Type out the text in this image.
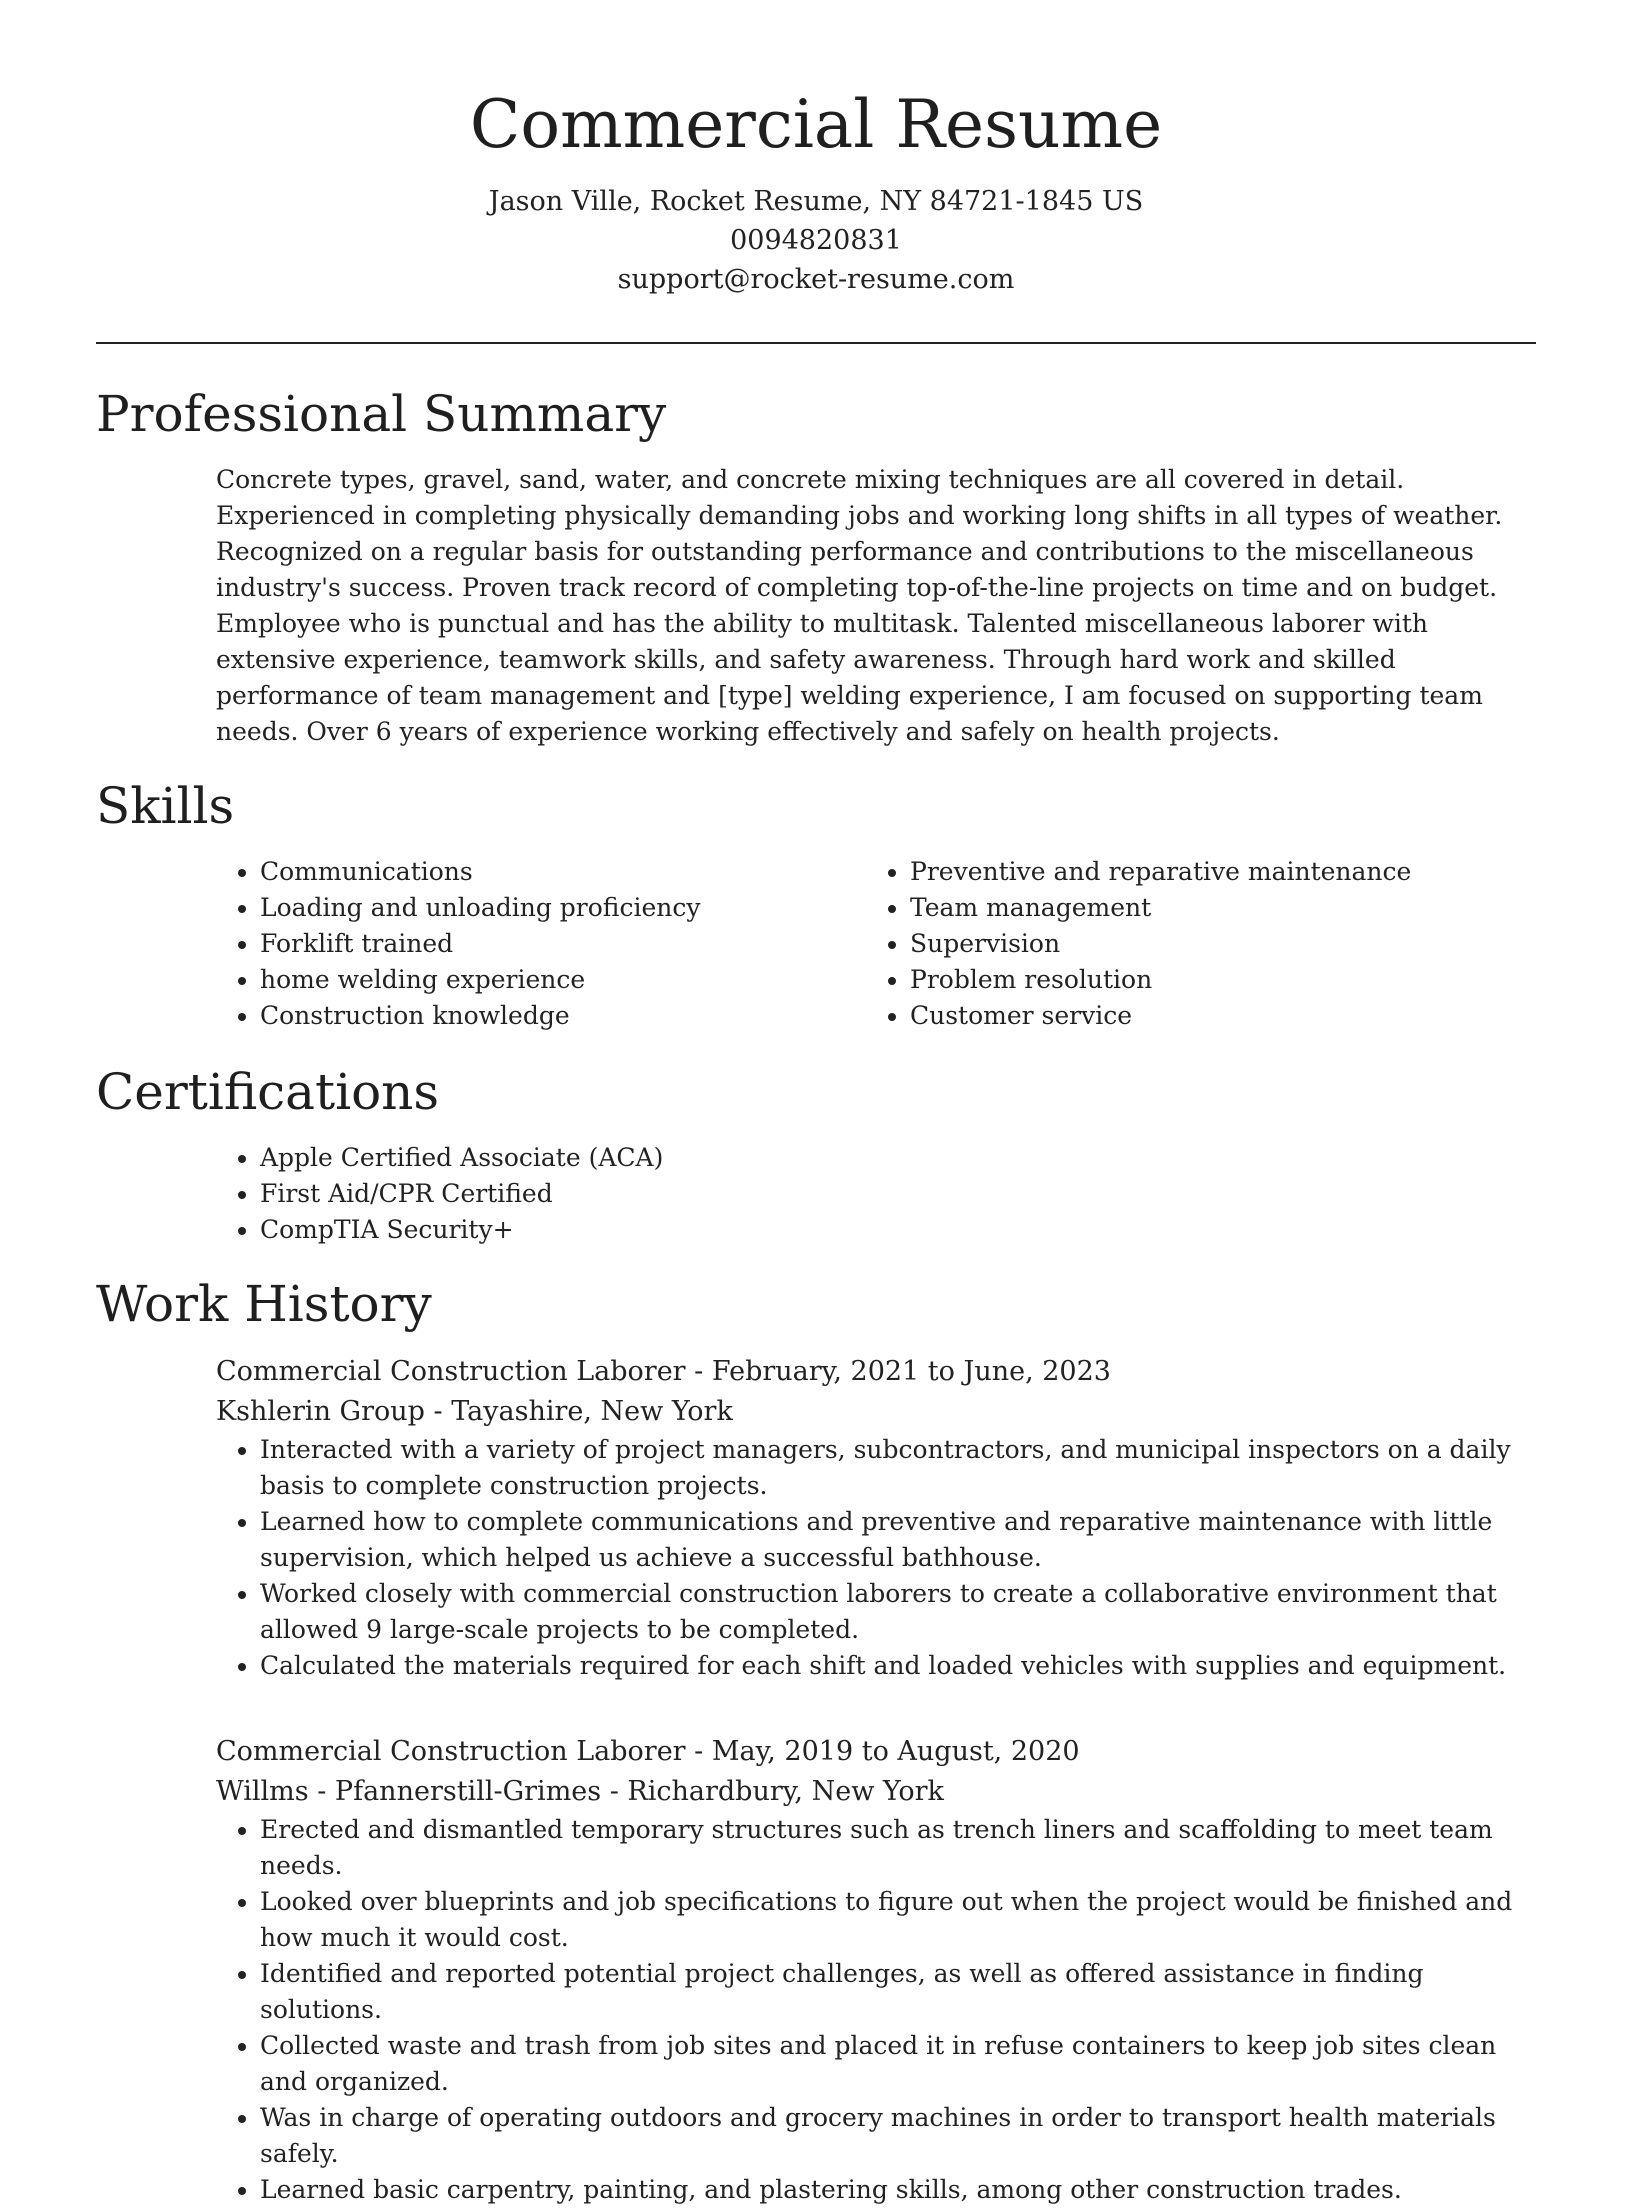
Commercial Resume
Jason Ville, Rocket Resume, NY 84721-1845 US
0094820831
support@rocket-resume.com
Professional Summary

Concrete types, gravel, sand, water, and concrete mixing techniques are all covered in detail. Experienced in completing physically demanding jobs and working long shifts in all types of weather. Recognized on a regular basis for outstanding performance and contributions to the miscellaneous industry's success. Proven track record of completing top-of-the-line projects on time and on budget. Employee who is punctual and has the ability to multitask. Talented miscellaneous laborer with extensive experience, teamwork skills, and safety awareness. Through hard work and skilled performance of team management and [type] welding experience, I am focused on supporting team needs. Over 6 years of experience working effectively and safely on health projects.

Skills
• Communications
• Loading and unloading proficiency
• Forklift trained
• home welding experience
• Construction knowledge
• Preventive and reparative maintenance
• Team management
• Supervision
• Problem resolution
• Customer service
Certifications
• Apple Certified Associate (ACA)
• First Aid/CPR Certified
• CompTIA Security+
Work History
Commercial Construction Laborer - February, 2021 to June, 2023
Kshlerin Group - Tayashire, New York
• Interacted with a variety of project managers, subcontractors, and municipal inspectors on a daily basis to complete construction projects.
• Learned how to complete communications and preventive and reparative maintenance with little supervision, which helped us achieve a successful bathhouse.
• Worked closely with commercial construction laborers to create a collaborative environment that allowed 9 large-scale projects to be completed.
• Calculated the materials required for each shift and loaded vehicles with supplies and equipment.
Commercial Construction Laborer - May, 2019 to August, 2020
Willms - Pfannerstill-Grimes - Richardbury, New York
• Erected and dismantled temporary structures such as trench liners and scaffolding to meet team needs.
• Looked over blueprints and job specifications to figure out when the project would be finished and how much it would cost.
• Identified and reported potential project challenges, as well as offered assistance in finding solutions.
• Collected waste and trash from job sites and placed it in refuse containers to keep job sites clean and organized.
• Was in charge of operating outdoors and grocery machines in order to transport health materials safely.
• Learned basic carpentry, painting, and plastering skills, among other construction trades.
